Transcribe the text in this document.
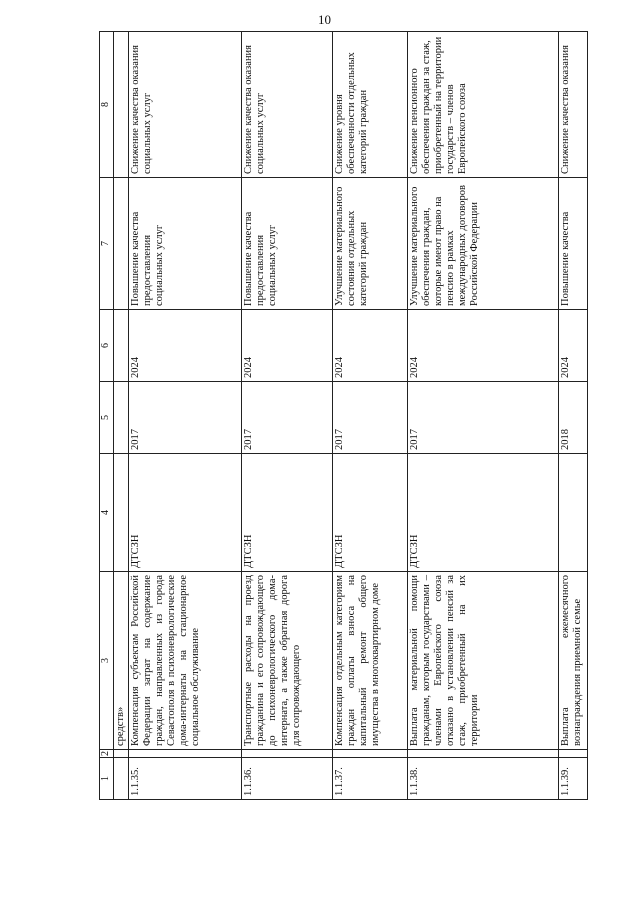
10
1	2	3	4	5	6	7	8
		средств»					
1.1.35.		Компенсация субъектам Российской Федерации затрат на содержание граждан, направленных из города Севастополя в психоневрологические дома-интернаты на стационарное социальное обслуживание	ДТСЗН	2017	2024	Повышение качества предоставления социальных услуг	Снижение качества оказания социальных услуг
1.1.36.		Транспортные расходы на проезд гражданина и его сопровождающего до психоневрологического дома-интерната, а также обратная дорога для сопровождающего	ДТСЗН	2017	2024	Повышение качества предоставления социальных услуг	Снижение качества оказания социальных услуг
1.1.37.		Компенсация отдельным категориям граждан оплаты взноса на капитальный ремонт общего имущества в многоквартирном доме	ДТСЗН	2017	2024	Улучшение материального состояния отдельных категорий граждан	Снижение уровня обеспеченности отдельных категорий граждан
1.1.38.		Выплата материальной помощи гражданам, которым государствами – членами Европейского союза отказано в установлении пенсий за стаж, приобретенный на их территории	ДТСЗН	2017	2024	Улучшение материального обеспечения граждан, которые имеют право на пенсию в рамках международных договоров Российской Федерации	Снижение пенсионного обеспечения граждан за стаж, приобретенный на территории государств – членов Европейского союза
1.1.39.		Выплата ежемесячного вознаграждения приемной семье		2018	2024	Повышение качества	Снижение качества оказания
